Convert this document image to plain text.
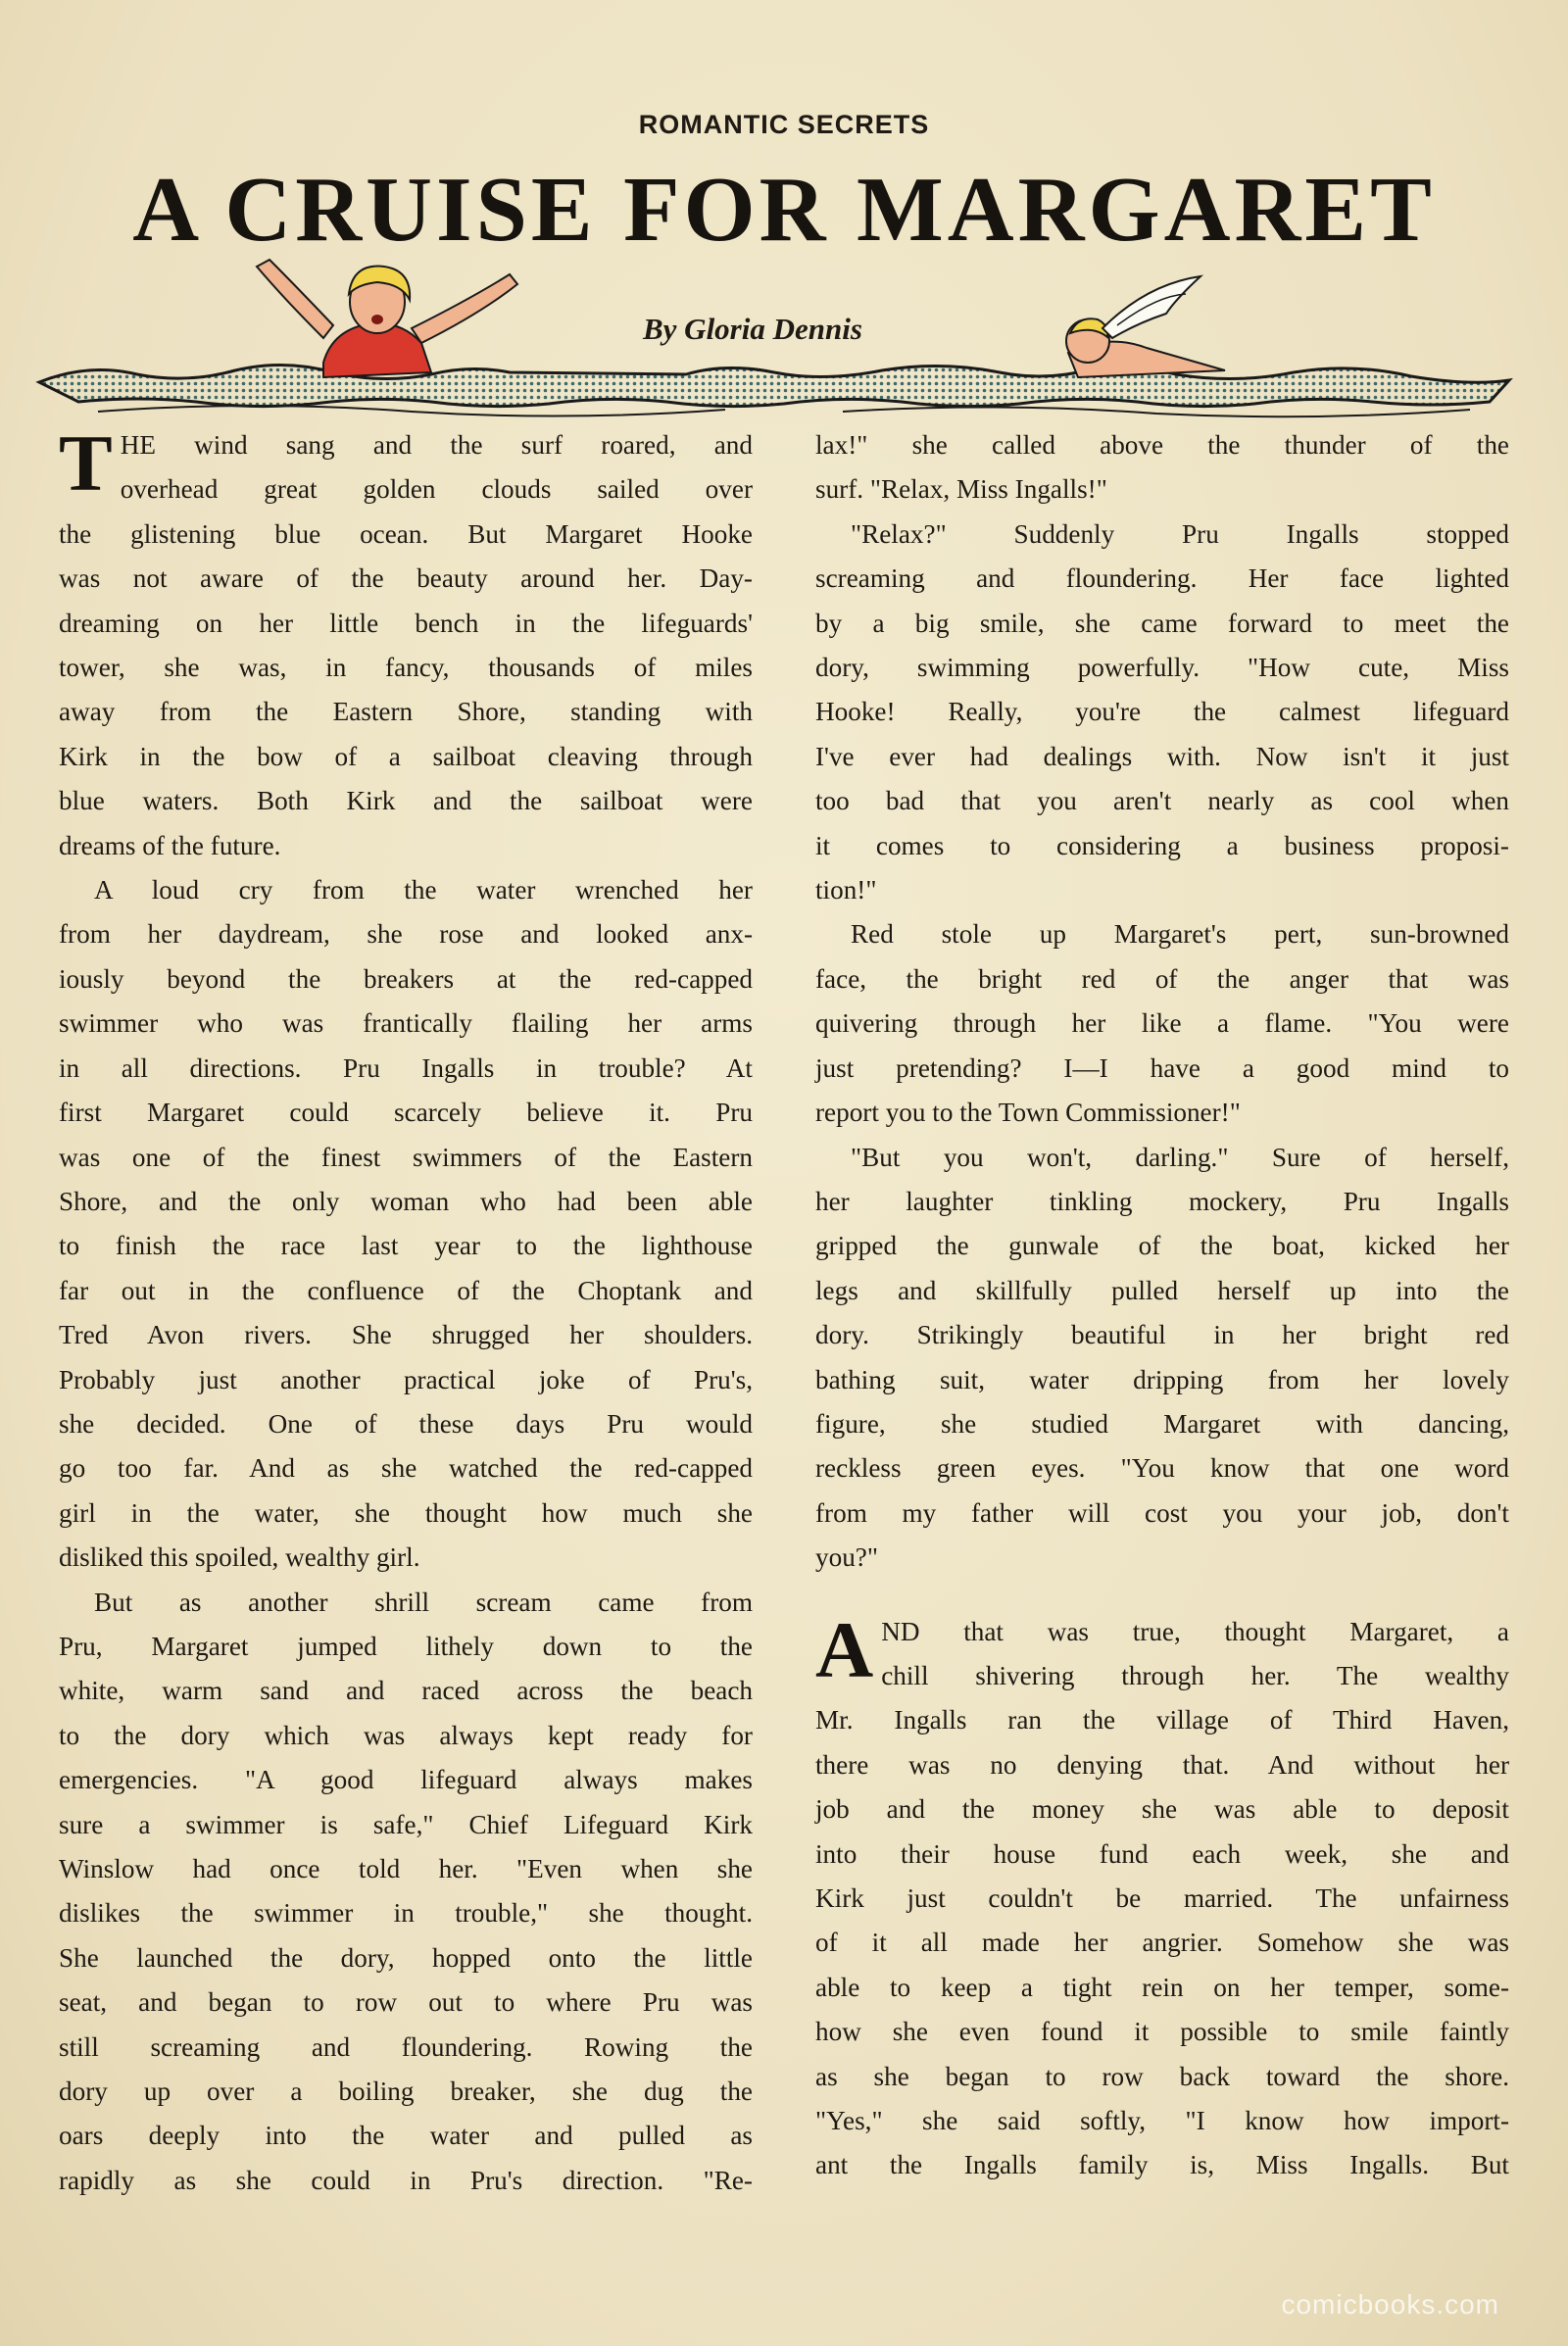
ROMANTIC SECRETS
A CRUISE FOR MARGARET
By Gloria Dennis
T HE wind sang and the surf roared, and

overhead great golden clouds sailed over

the glistening blue ocean. But Margaret Hooke

was not aware of the beauty around her. Day-

dreaming on her little bench in the lifeguards'

tower, she was, in fancy, thousands of miles

away from the Eastern Shore, standing with

Kirk in the bow of a sailboat cleaving through

blue waters. Both Kirk and the sailboat were

dreams of the future.

A loud cry from the water wrenched her

from her daydream, she rose and looked anx-

iously beyond the breakers at the red-capped

swimmer who was frantically flailing her arms

in all directions. Pru Ingalls in trouble? At

first Margaret could scarcely believe it. Pru

was one of the finest swimmers of the Eastern

Shore, and the only woman who had been able

to finish the race last year to the lighthouse

far out in the confluence of the Choptank and

Tred Avon rivers. She shrugged her shoulders.

Probably just another practical joke of Pru's,

she decided. One of these days Pru would

go too far. And as she watched the red-capped

girl in the water, she thought how much she

disliked this spoiled, wealthy girl.

But as another shrill scream came from

Pru, Margaret jumped lithely down to the

white, warm sand and raced across the beach

to the dory which was always kept ready for

emergencies. "A good lifeguard always makes

sure a swimmer is safe," Chief Lifeguard Kirk

Winslow had once told her. "Even when she

dislikes the swimmer in trouble," she thought.

She launched the dory, hopped onto the little

seat, and began to row out to where Pru was

still screaming and floundering. Rowing the

dory up over a boiling breaker, she dug the

oars deeply into the water and pulled as

rapidly as she could in Pru's direction. "Re-

lax!" she called above the thunder of the

surf. "Relax, Miss Ingalls!"

"Relax?" Suddenly Pru Ingalls stopped

screaming and floundering. Her face lighted

by a big smile, she came forward to meet the

dory, swimming powerfully. "How cute, Miss

Hooke! Really, you're the calmest lifeguard

I've ever had dealings with. Now isn't it just

too bad that you aren't nearly as cool when

it comes to considering a business proposi-

tion!"

Red stole up Margaret's pert, sun-browned

face, the bright red of the anger that was

quivering through her like a flame. "You were

just pretending? I—I have a good mind to

report you to the Town Commissioner!"

"But you won't, darling." Sure of herself,

her laughter tinkling mockery, Pru Ingalls

gripped the gunwale of the boat, kicked her

legs and skillfully pulled herself up into the

dory. Strikingly beautiful in her bright red

bathing suit, water dripping from her lovely

figure, she studied Margaret with dancing,

reckless green eyes. "You know that one word

from my father will cost you your job, don't

you?"

A ND that was true, thought Margaret, a

chill shivering through her. The wealthy

Mr. Ingalls ran the village of Third Haven,

there was no denying that. And without her

job and the money she was able to deposit

into their house fund each week, she and

Kirk just couldn't be married. The unfairness

of it all made her angrier. Somehow she was

able to keep a tight rein on her temper, some-

how she even found it possible to smile faintly

as she began to row back toward the shore.

"Yes," she said softly, "I know how import-

ant the Ingalls family is, Miss Ingalls. But

comicbooks.com
